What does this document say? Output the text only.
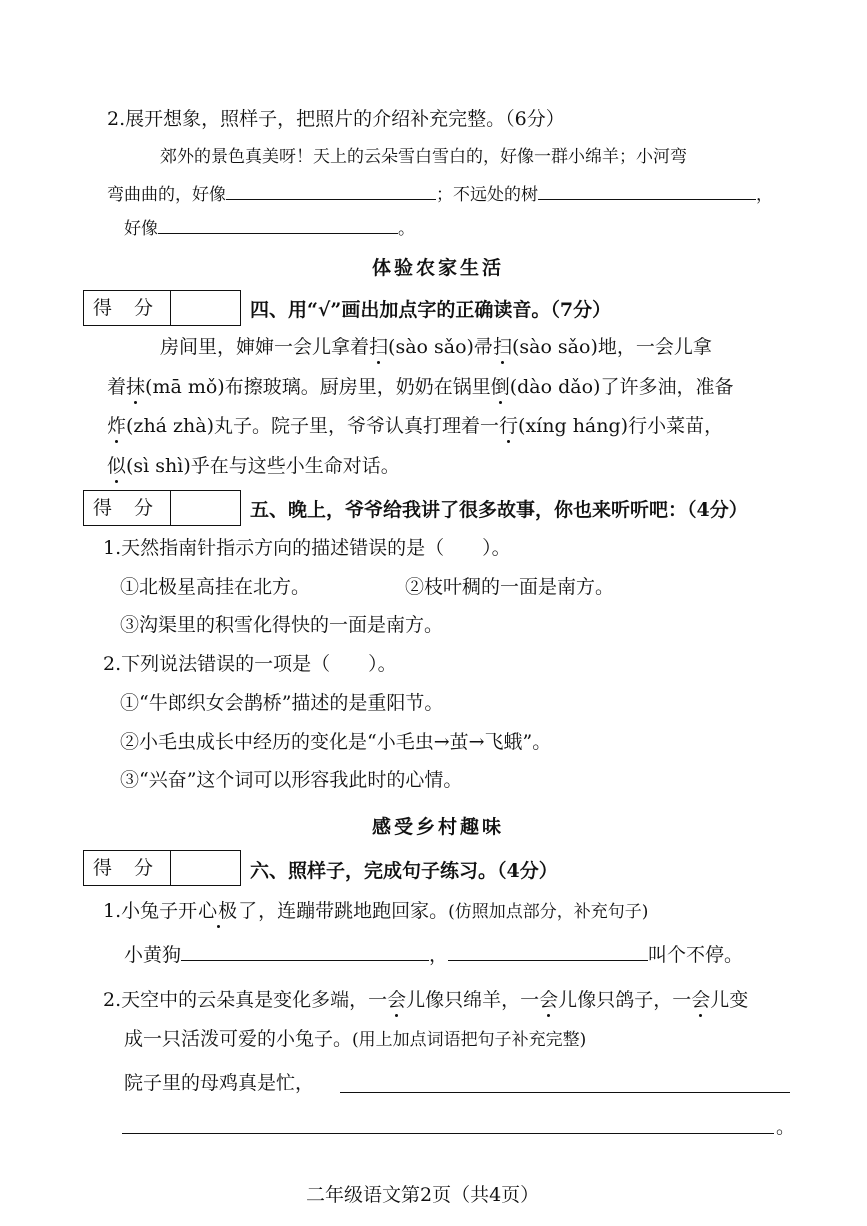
2.展开想象，照样子，把照片的介绍补充完整。（6分）
郊外的景色真美呀！天上的云朵雪白雪白的，好像一群小绵羊；小河弯
弯曲曲的，好像	；不远处的树	，
好像	。
体验农家生活
得 分	四、用“√”画出加点字的正确读音。（7分）
房间里，婶婶一会儿拿着扫(sào sǎo)帚扫(sào sǎo)地，一会儿拿
着抹(mā mǒ)布擦玻璃。厨房里，奶奶在锅里倒(dào dǎo)了许多油，准备
炸(zhá zhà)丸子。院子里，爷爷认真打理着一行(xíng háng)行小菜苗，
似(sì shì)乎在与这些小生命对话。
得 分	五、晚上，爷爷给我讲了很多故事，你也来听听吧：（4分）
1.天然指南针指示方向的描述错误的是（　　）。
①北极星高挂在北方。	②枝叶稠的一面是南方。
③沟渠里的积雪化得快的一面是南方。
2.下列说法错误的一项是（　　）。
①“牛郎织女会鹊桥”描述的是重阳节。
②小毛虫成长中经历的变化是“小毛虫→茧→飞蛾”。
③“兴奋”这个词可以形容我此时的心情。
感受乡村趣味
得 分	六、照样子，完成句子练习。（4分）
1.小兔子开心极了，连蹦带跳地跑回家。(仿照加点部分，补充句子)
小黄狗	，	叫个不停。
2.天空中的云朵真是变化多端，一会儿像只绵羊，一会儿像只鸽子，一会儿变
成一只活泼可爱的小兔子。(用上加点词语把句子补充完整)
院子里的母鸡真是忙，
。
二年级语文第2页（共4页）
